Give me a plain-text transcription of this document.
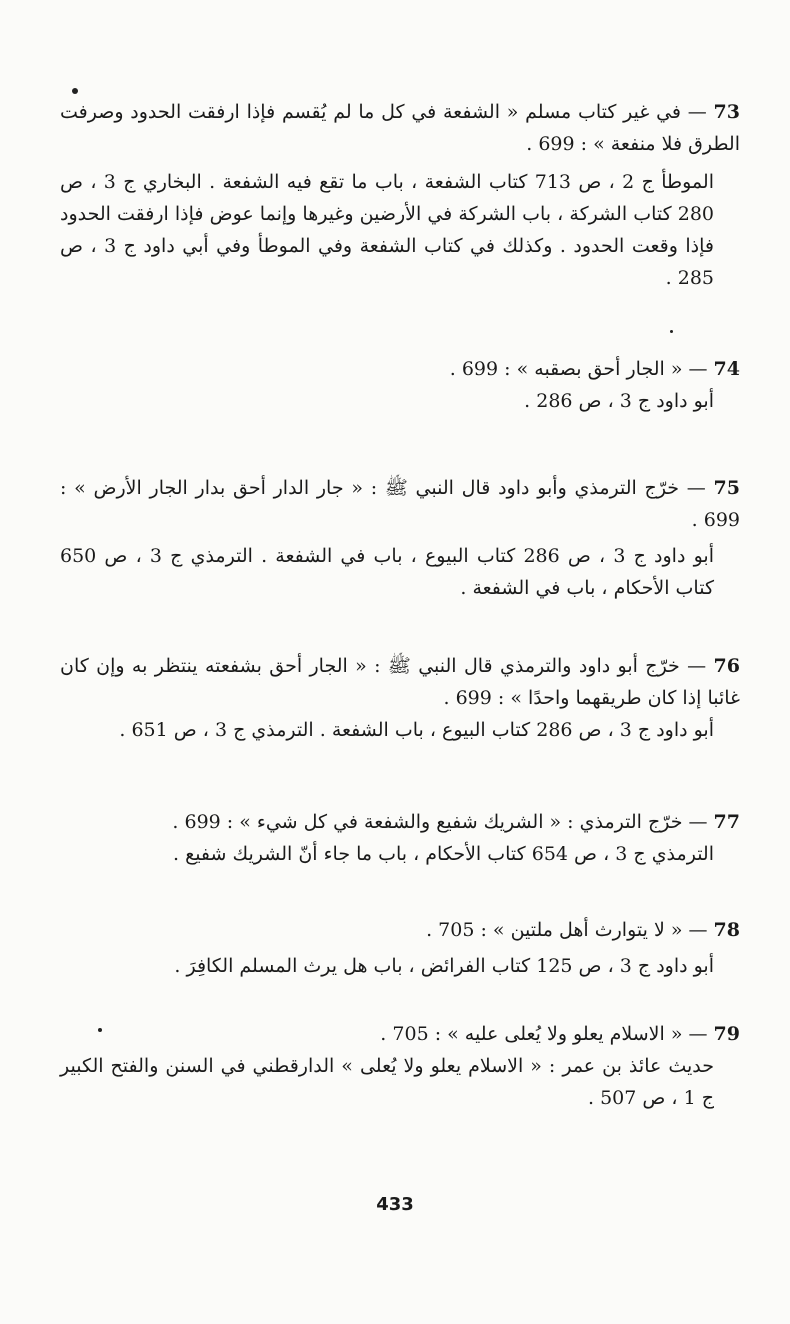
73 — في غير كتاب مسلم « الشفعة في كل ما لم يُقسم فإذا ارفقت الحدود وصرفت الطرق فلا منفعة » : 699 .

الموطأ ج 2 ، ص 713 كتاب الشفعة ، باب ما تقع فيه الشفعة . البخاري ج 3 ، ص 280 كتاب الشركة ، باب الشركة في الأرضين وغيرها وإنما عوض فإذا ارفقت الحدود فإذا وقعت الحدود . وكذلك في كتاب الشفعة وفي الموطأ وفي أبي داود ج 3 ، ص 285 .

74 — « الجار أحق بصقبه » : 699 .

أبو داود ج 3 ، ص 286 .

75 — خرّج الترمذي وأبو داود قال النبي ﷺ : « جار الدار أحق بدار الجار الأرض » : 699 .

أبو داود ج 3 ، ص 286 كتاب البيوع ، باب في الشفعة . الترمذي ج 3 ، ص 650 كتاب الأحكام ، باب في الشفعة .

76 — خرّج أبو داود والترمذي قال النبي ﷺ : « الجار أحق بشفعته ينتظر به وإن كان غائبا إذا كان طريقهما واحدًا » : 699 .

أبو داود ج 3 ، ص 286 كتاب البيوع ، باب الشفعة . الترمذي ج 3 ، ص 651 .

77 — خرّج الترمذي : « الشريك شفيع والشفعة في كل شيء » : 699 .

الترمذي ج 3 ، ص 654 كتاب الأحكام ، باب ما جاء أنّ الشريك شفيع .

78 — « لا يتوارث أهل ملتين » : 705 .

أبو داود ج 3 ، ص 125 كتاب الفرائض ، باب هل يرث المسلم الكافِرَ .

79 — « الاسلام يعلو ولا يُعلى عليه » : 705 .

حديث عائذ بن عمر : « الاسلام يعلو ولا يُعلى » الدارقطني في السنن والفتح الكبير ج 1 ، ص 507 .

433
